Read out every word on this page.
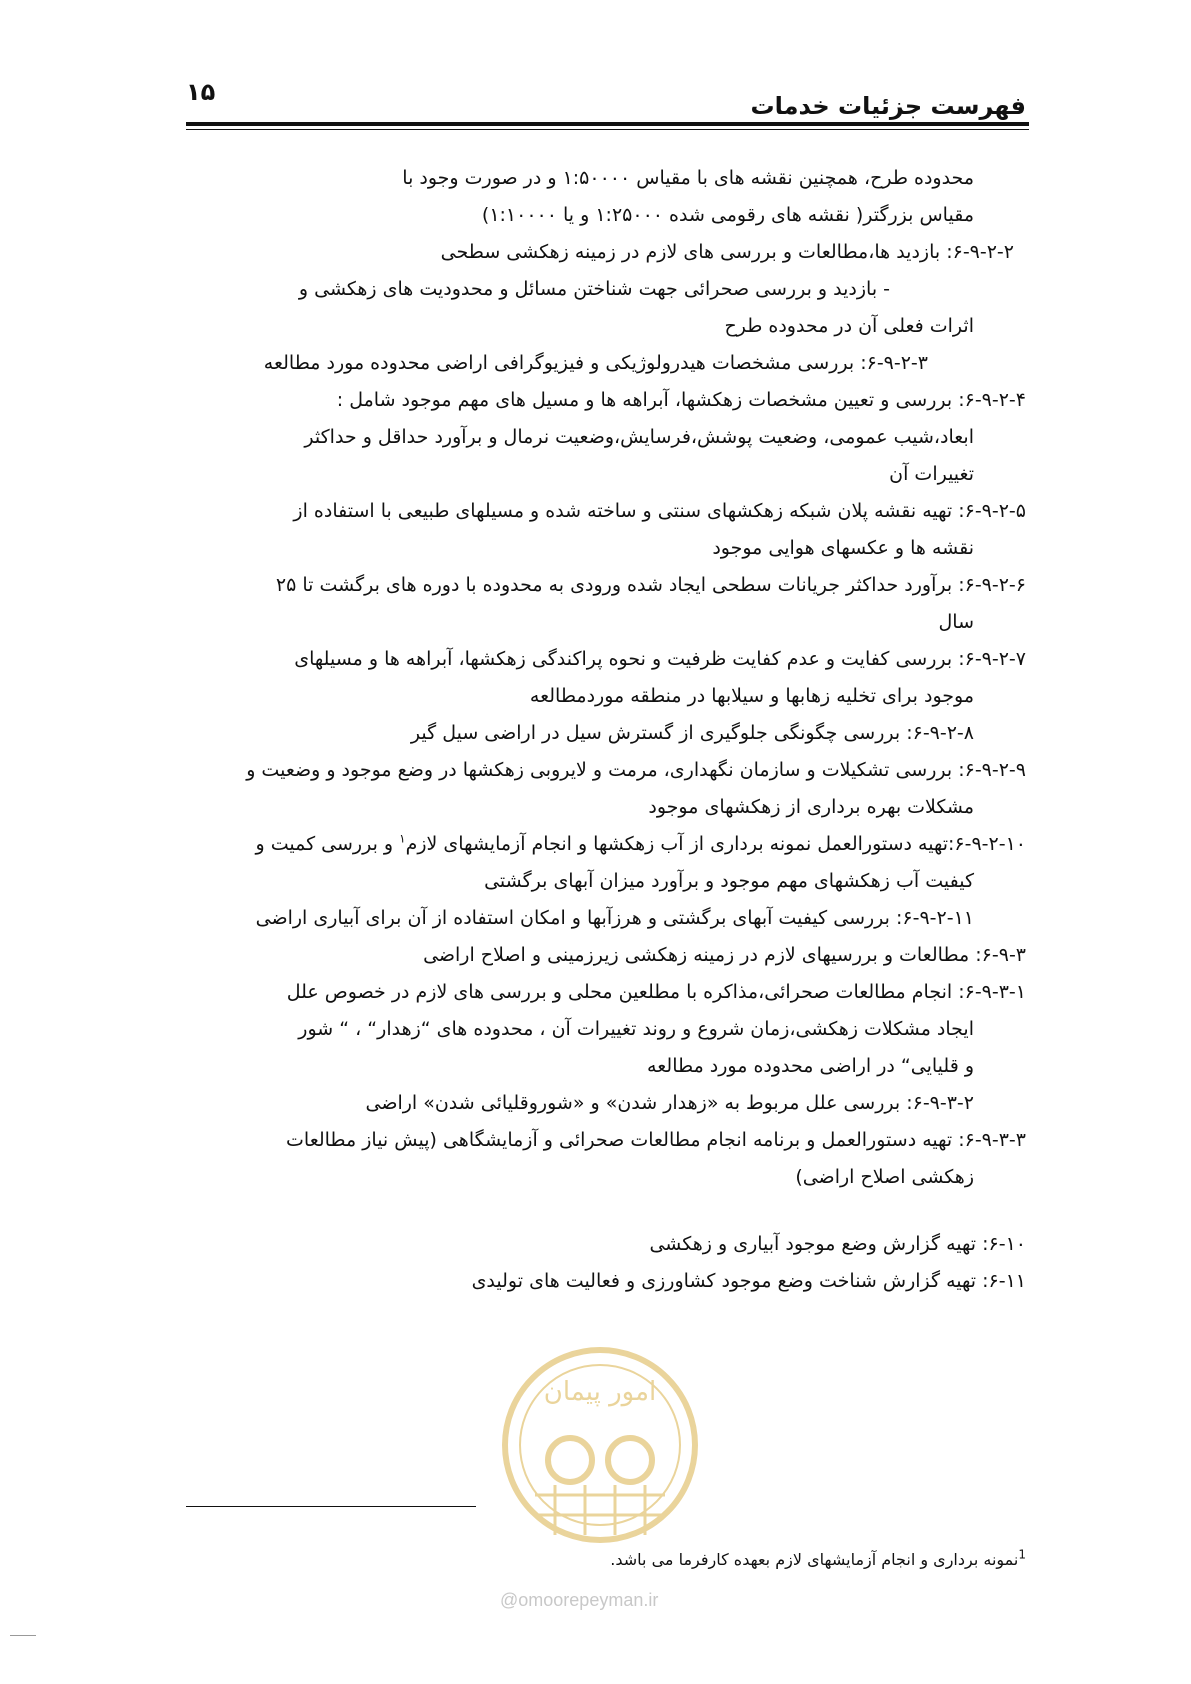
۱۵	فهرست جزئیات خدمات

محدوده طرح، همچنین نقشه های با مقیاس ۱:۵۰۰۰۰ و در صورت وجود با

مقیاس بزرگتر( نقشه های رقومی شده ۱:۲۵۰۰۰ و یا ۱:۱۰۰۰۰)

۶-۹-۲-۲: بازدید ها،مطالعات و بررسی های لازم در زمینه زهکشی سطحی

- بازدید و بررسی صحرائی جهت شناختن مسائل و محدودیت های زهکشی و

اثرات فعلی آن در محدوده طرح

۶-۹-۲-۳: بررسی مشخصات هیدرولوژیکی و فیزیوگرافی اراضی محدوده مورد مطالعه

۶-۹-۲-۴: بررسی و تعیین مشخصات زهکشها، آبراهه ها و مسیل های مهم موجود شامل :

ابعاد،شیب عمومی، وضعیت پوشش،فرسایش،وضعیت نرمال و برآورد حداقل و حداکثر

تغییرات آن

۶-۹-۲-۵: تهیه نقشه پلان شبکه زهکشهای سنتی و ساخته شده و مسیلهای طبیعی با استفاده از

نقشه ها و عکسهای هوایی موجود

۶-۹-۲-۶: برآورد حداکثر جریانات سطحی ایجاد شده ورودی به محدوده با دوره های برگشت تا ۲۵

سال

۶-۹-۲-۷: بررسی کفایت و عدم کفایت ظرفیت و نحوه پراکندگی زهکشها، آبراهه ها و مسیلهای

موجود برای تخلیه زهابها و سیلابها در منطقه موردمطالعه

۶-۹-۲-۸: بررسی چگونگی جلوگیری از گسترش سیل در اراضی سیل گیر

۶-۹-۲-۹: بررسی تشکیلات و سازمان نگهداری، مرمت و لایروبی زهکشها در وضع موجود و وضعیت و

مشکلات بهره برداری از زهکشهای موجود

۶-۹-۲-۱۰:تهیه دستورالعمل نمونه برداری از آب زهکشها و انجام آزمایشهای لازم$^۱$ و بررسی کمیت و

کیفیت آب زهکشهای مهم موجود و برآورد میزان آبهای برگشتی

۶-۹-۲-۱۱: بررسی کیفیت آبهای برگشتی و هرزآبها و امکان استفاده از آن برای آبیاری اراضی

۶-۹-۳: مطالعات و بررسیهای لازم در زمینه زهکشی زیرزمینی و اصلاح اراضی

۶-۹-۳-۱: انجام مطالعات صحرائی،مذاکره با مطلعین محلی و بررسی های لازم در خصوص علل

ایجاد مشکلات زهکشی،زمان شروع و روند تغییرات آن ، محدوده های “زهدار“ ، “ شور

و قلیایی“ در اراضی محدوده مورد مطالعه

۶-۹-۳-۲: بررسی علل مربوط به «زهدار شدن» و «شوروقلیائی شدن» اراضی

۶-۹-۳-۳: تهیه دستورالعمل و برنامه انجام مطالعات صحرائی و آزمایشگاهی (پیش نیاز مطالعات

زهکشی اصلاح اراضی)

۶-۱۰: تهیه گزارش وضع موجود آبیاری و زهکشی

۶-۱۱: تهیه گزارش شناخت وضع موجود کشاورزی و فعالیت های تولیدی

امور پیمان
$^1$نمونه برداری و انجام آزمایشهای لازم بعهده کارفرما می باشد.
@omoorepeyman.ir
